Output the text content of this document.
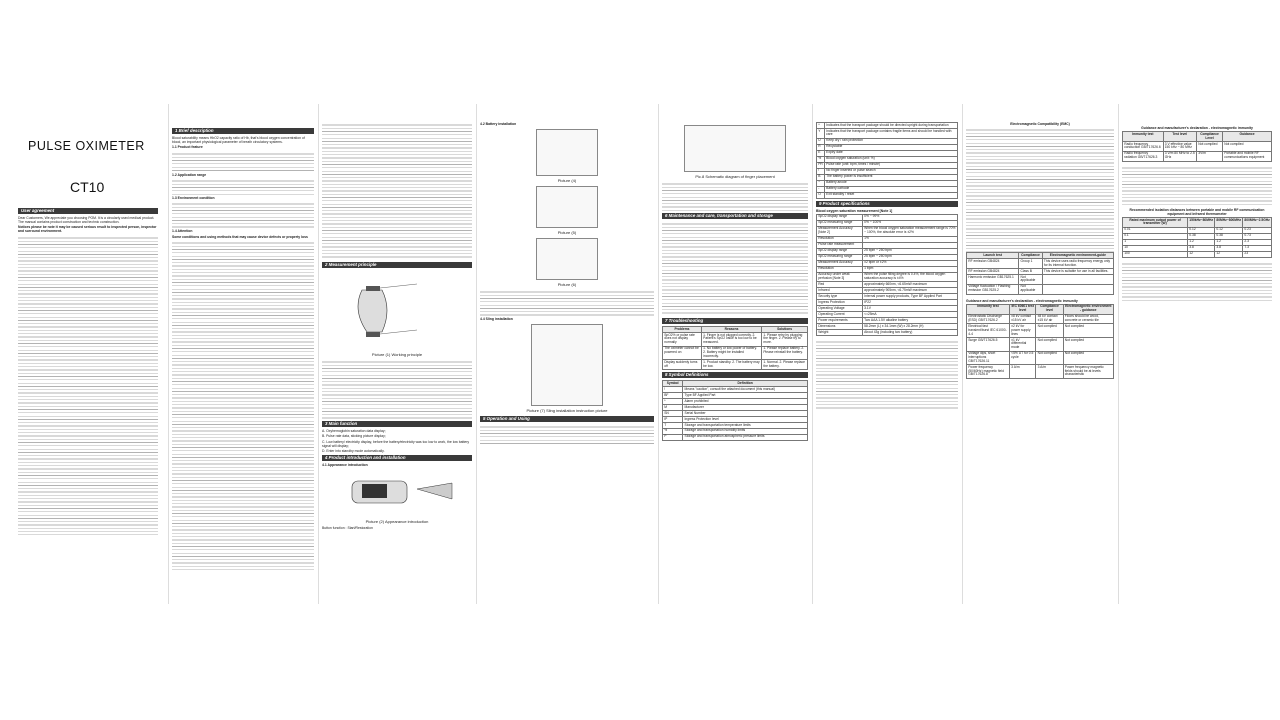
PULSE OXIMETER
CT10
User agreement

Dear Customers, We appreciate you choosing POM. It is a circularly used medical product. The manual contains product construction and technic construction.

Notices please be note it may be caused serious result to inspected person, inspector and surround environment.

1 Brief description

Blood saturability means HbO2 capacity ratio of Hb, that's blood oxygen concentration of blood, an important physiological parameter of breath circulatory systems.

1.1 Product feature

1.2 Application range

1.3 Environment condition

1.4 Attention

Some conditions and using methods that may cause device defects or property loss

2 Measurement principle
Picture (1) Working principle
3 Main function

A. Oxyhemoglobin saturation data display;

B. Pulse rate data, sticking picture display;

C. Low battery/ electricity display, before the battery/electricity was too low to work, the low battery signal will display;

D. Enter into standby mode automatically.

4 Product introduction and installation

4.1 Appearance introduction

Picture (2) Appearance introduction

Button function : Start/Restoration

4.2 Battery installation

Picture (4)
Picture (5)
Picture (6)

4.4 Sling installation

Picture (7) Sling installation instruction picture
5 Operation and Using
Pic.8 Schematic diagram of finger placement
6 Maintenance and care, transportation and storage
7 Troubleshooting
Problems	Reasons	Solutions
SpO2% or pulse rate does not display normally	1. Finger is not plugged correctly. 2. Patient's SpO2 value is too low to be measured.	1. Please retry by plugging the finger. 2. Please try to more.
The oximeter cannot be powered on	1. No battery or low power of battery. 2. Battery might be installed incorrectly.	1. Please replace battery. 2. Please reinstall the battery.
Display suddenly turns off	1. Product standby. 2. The battery may be low.	1. Normal. 2. Please replace the battery.
8 Symbol Definitions
Symbol	Definition
!	Means "caution", consult the attached document (this manual)
BF	Type BF Applied Part
*	Alarm prohibited
M	Manufacturer
SN	Serial Number
IP	Ingress Protection level
T	Storage and transportation temperature limits
%	Storage and transportation humidity limits
P	Storage and transportation atmospheric pressure limits
^	Indicates that the transport package should be directed upright during transportation
Y	Indicates that the transport package contains fragile items and should be handled with care
U	Keep dry / rain protection
R	Recyclable
E	Expiry date
%	Blood oxygen saturation (unit: %)
PR	Pulse rate (unit: bpm, times / minute)
!	No finger inserted or pulse search
B	The battery power is insufficient
~	Battery anode
-	Battery cathode
O	Exit standby / reset
9 Product specifications

Blood oxygen saturation measurement [Note 1]

SpO2 display range	0% ~ 99%
SpO2 measuring range	0% ~ 100%
Measurement Accuracy [Note 2]	When the blood oxygen saturation measurement range is 70% ~ 100%, the absolute error is ±2%
Resolution	1%
Pulse rate measurement	
SpO2 display range	25 bpm ~ 250 bpm
SpO2 measuring range	25 bpm ~ 250 bpm
Measurement Accuracy	±2 bpm or ±2%
Resolution	1 bpm
Accuracy under weak perfusion [Note 3]	When the pulse filling degree is 0.4%, the blood oxygen saturation accuracy is ±4%
Red	approximately 660nm, <6.65mW maximum
Infrared	approximately 905nm, <6.75mW maximum
Security type	Internal power supply products, Type BF Applied Part
Ingress Protection	IP22
Operating Voltage	3.1V
Operating Current	<=25mA
Power requirements	Two AAA 1.5V alkaline battery
Dimensions	58.2mm (L) x 34.1mm (W) x 28.2mm (H)
Weight	About 43g (including two battery)

Electromagnetic Compatibility (EMC)

Launch test	Compliance	Electromagnetic environment-guide
RF emission GB4824	Group 1	This device uses radio frequency energy only for its internal function.
RF emission GB4824	Class B	This device is suitable for use in all facilities.
Harmonic emission GB17625.1	Not applicable	
Voltage fluctuation / Flashing emission GB17625.2	Not applicable	

Guidance and manufacturer's declaration - electromagnetic immunity

Immunity test	IEC 60601 test level	Compliance level	Electromagnetic environment - guidance
Electrostatic Discharge (ESD) GB/T17626.2	±8 kV contact ±15 kV air	±8 kV contact ±15 kV air	Floors should be wood, concrete or ceramic tile
Electrical fast transient/burst IEC 61000-4-4	±2 kV for power supply lines	Not complied	Not complied
Surge GB/T17626.5	±1 kV differential mode	Not complied	Not complied
Voltage dips, short interruptions GB/T17626.11	<5% UT for 0.5 cycle	Not complied	Not complied
Power frequency (50/60Hz) magnetic field GB/T17626.8	3 A/m	3 A/m	Power frequency magnetic fields should be at levels characteristic

Guidance and manufacturer's declaration - electromagnetic immunity

Immunity test	Test level	Compliance Level	Guidance
Radio frequency conduction GB/T17626.6	3 V effective value 150 kHz ~ 80 MHz	Not complied	Not complied
Radio frequency radiation GB/T17626.3	3 V/m 80 MHz to 2.5 GHz	3V/m	Portable and mobile RF communications equipment

Recommended isolation distances between portable and mobile RF communication equipment and infrared thermometer

Rated maximum output power of transmitter (W)	150kHz~80MHz	80MHz~800MHz	800MHz~2.5GHz
0.01	0.12	0.12	0.23
0.1	0.38	0.38	0.73
1	1.2	1.2	2.3
10	3.8	3.8	7.3
100	12	12	23
